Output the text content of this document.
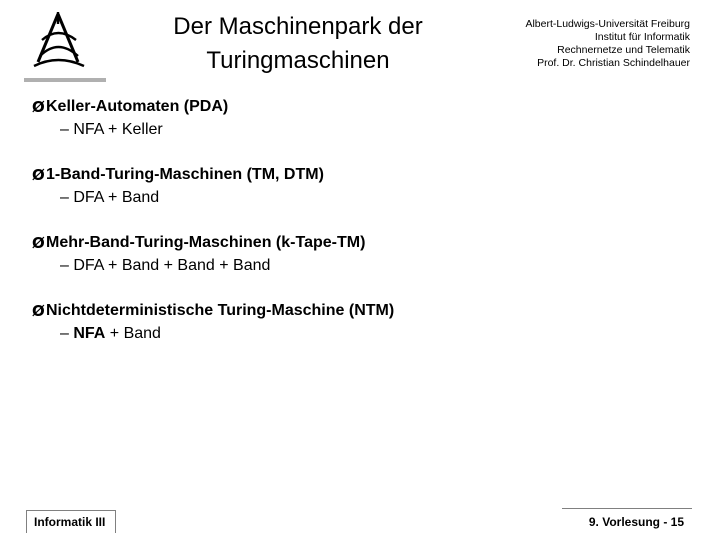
Der Maschinenpark der
Turingmaschinen
Albert-Ludwigs-Universität Freiburg
Institut für Informatik
Rechnernetze und Telematik
Prof. Dr. Christian Schindelhauer
Ø Keller-Automaten (PDA)
– NFA + Keller
Ø 1-Band-Turing-Maschinen (TM, DTM)
– DFA + Band
Ø Mehr-Band-Turing-Maschinen (k-Tape-TM)
– DFA + Band + Band + Band
Ø Nichtdeterministische Turing-Maschine (NTM)
– NFA + Band
Informatik III	9. Vorlesung - 15
